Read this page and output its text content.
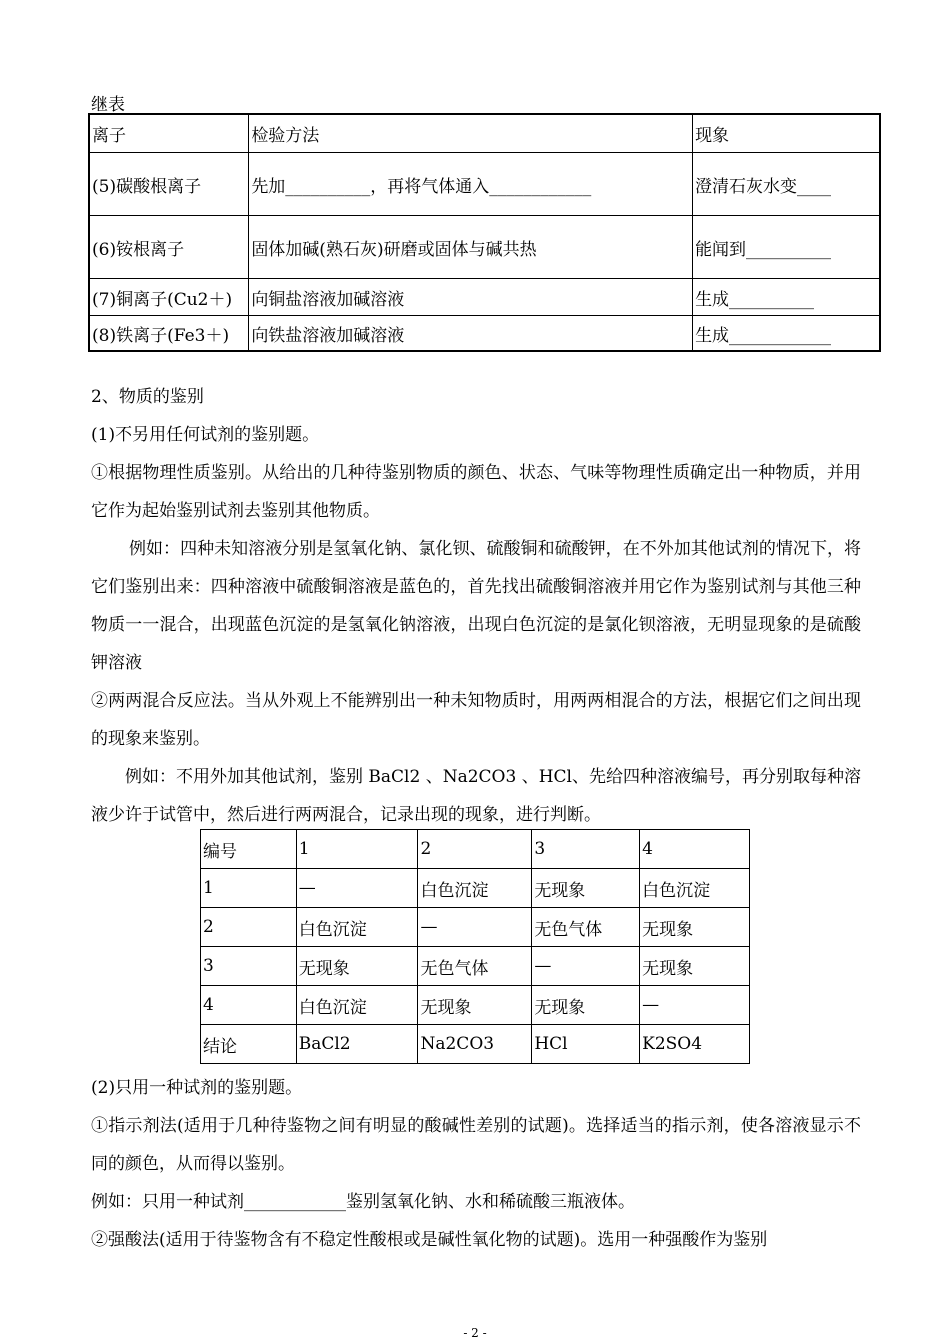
继表
离子	检验方法	现象
(5)碳酸根离子	先加__________，再将气体通入____________	澄清石灰水变____
(6)铵根离子	固体加碱(熟石灰)研磨或固体与碱共热	能闻到__________
(7)铜离子(Cu2＋)	向铜盐溶液加碱溶液	生成__________
(8)铁离子(Fe3＋)	向铁盐溶液加碱溶液	生成____________

2、物质的鉴别

(1)不另用任何试剂的鉴别题。

①根据物理性质鉴别。从给出的几种待鉴别物质的颜色、状态、气味等物理性质确定出一种物质，并用它作为起始鉴别试剂去鉴别其他物质。

例如：四种未知溶液分别是氢氧化钠、氯化钡、硫酸铜和硫酸钾，在不外加其他试剂的情况下，将它们鉴别出来：四种溶液中硫酸铜溶液是蓝色的，首先找出硫酸铜溶液并用它作为鉴别试剂与其他三种物质一一混合，出现蓝色沉淀的是氢氧化钠溶液，出现白色沉淀的是氯化钡溶液，无明显现象的是硫酸钾溶液

②两两混合反应法。当从外观上不能辨别出一种未知物质时，用两两相混合的方法，根据它们之间出现的现象来鉴别。

例如：不用外加其他试剂，鉴别 BaCl2 、Na2CO3 、HCl、先给四种溶液编号，再分别取每种溶液少许于试管中，然后进行两两混合，记录出现的现象，进行判断。

编号	1	2	3	4
1	—	白色沉淀	无现象	白色沉淀
2	白色沉淀	—	无色气体	无现象
3	无现象	无色气体	—	无现象
4	白色沉淀	无现象	无现象	—
结论	BaCl2	Na2CO3	HCl	K2SO4

(2)只用一种试剂的鉴别题。

①指示剂法(适用于几种待鉴物之间有明显的酸碱性差别的试题)。选择适当的指示剂，使各溶液显示不同的颜色，从而得以鉴别。

例如：只用一种试剂____________鉴别氢氧化钠、水和稀硫酸三瓶液体。

②强酸法(适用于待鉴物含有不稳定性酸根或是碱性氧化物的试题)。选用一种强酸作为鉴别

- 2 -
